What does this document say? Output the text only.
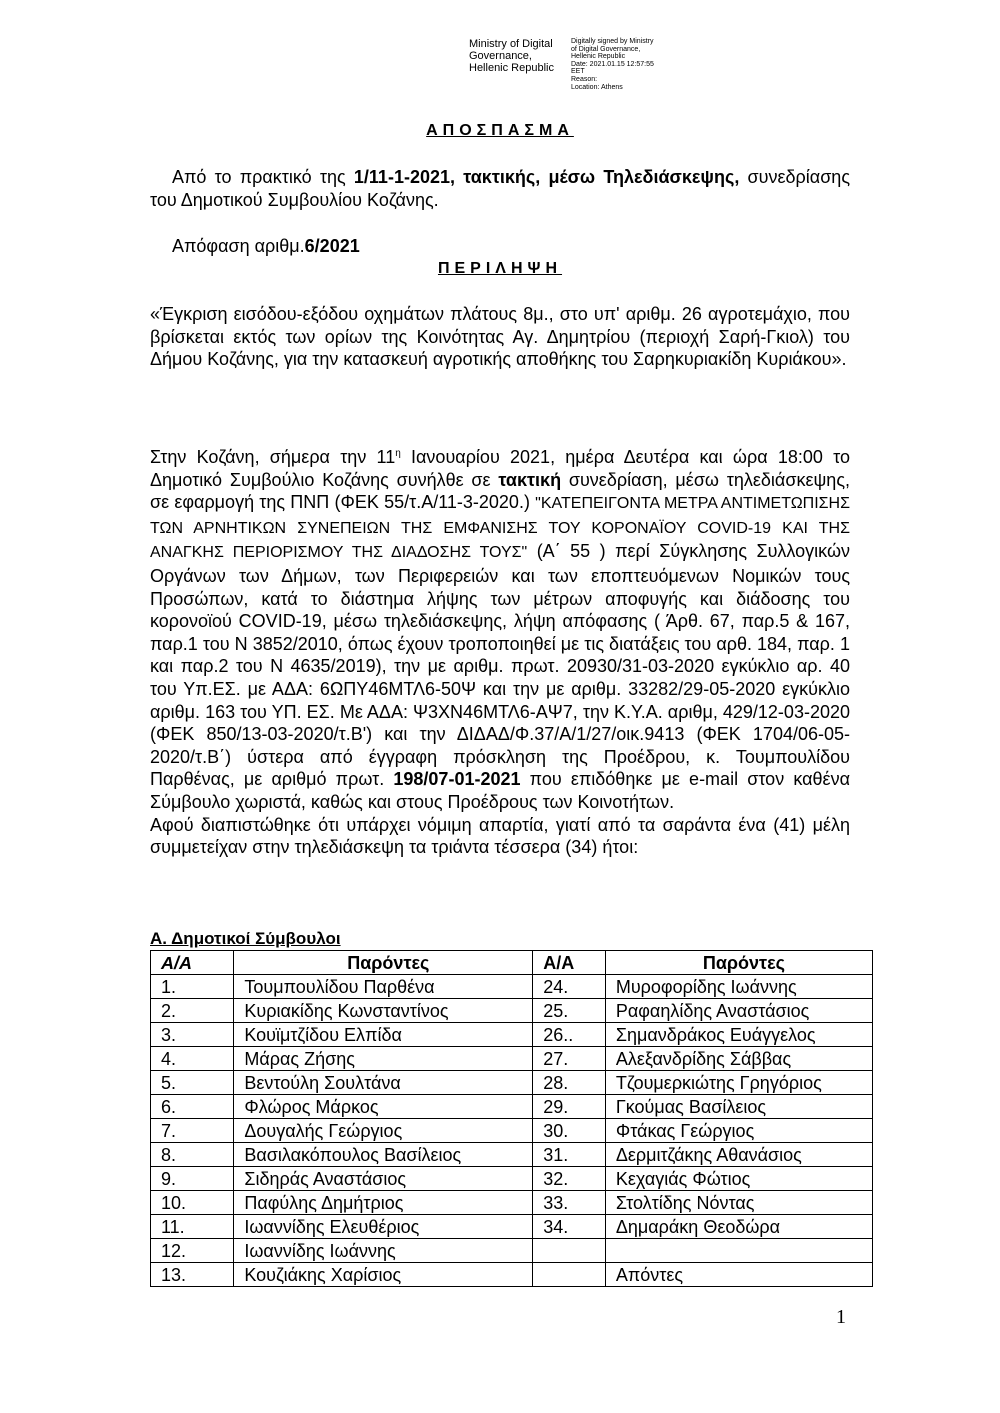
Ministry of Digital
Governance,
Hellenic Republic
Digitally signed by Ministry
of Digital Governance,
Hellenic Republic
Date: 2021.01.15 12:57:55
EET
Reason:
Location: Athens
ΑΠΟΣΠΑΣΜΑ
Από το πρακτικό της 1/11-1-2021, τακτικής, μέσω Τηλεδιάσκεψης, συνεδρίασης του Δημοτικού Συμβουλίου Κοζάνης.
Απόφαση αριθμ.6/2021
ΠΕΡΙΛΗΨΗ
«Έγκριση εισόδου-εξόδου οχημάτων πλάτους 8μ., στο υπ' αριθμ. 26 αγροτεμάχιο, που βρίσκεται εκτός των ορίων της Κοινότητας Αγ. Δημητρίου (περιοχή Σαρή-Γκιολ) του Δήμου Κοζάνης, για την κατασκευή αγροτικής αποθήκης του Σαρηκυριακίδη Κυριάκου».
Στην Κοζάνη, σήμερα την $11^\eta$ Ιανουαρίου 2021, ημέρα Δευτέρα και ώρα 18:00 το Δημοτικό Συμβούλιο Κοζάνης συνήλθε σε τακτική συνεδρίαση, μέσω τηλεδιάσκεψης, σε εφαρμογή της ΠΝΠ (ΦΕΚ 55/τ.Α/11-3-2020.) "ΚΑΤΕΠΕΙΓΟΝΤΑ ΜΕΤΡΑ ΑΝΤΙΜΕΤΩΠΙΣΗΣ ΤΩΝ ΑΡΝΗΤΙΚΩΝ ΣΥΝΕΠΕΙΩΝ ΤΗΣ ΕΜΦΑΝΙΣΗΣ ΤΟΥ ΚΟΡΟΝΑΪΟΥ COVID-19 ΚΑΙ ΤΗΣ ΑΝΑΓΚΗΣ ΠΕΡΙΟΡΙΣΜΟΥ ΤΗΣ ΔΙΑΔΟΣΗΣ ΤΟΥΣ" (Α΄ 55 ) περί Σύγκλησης Συλλογικών Οργάνων των Δήμων, των Περιφερειών και των εποπτευόμενων Νομικών τους Προσώπων, κατά το διάστημα λήψης των μέτρων αποφυγής και διάδοσης του κορονοϊού COVID-19, μέσω τηλεδιάσκεψης, λήψη απόφασης ( Άρθ. 67, παρ.5 & 167, παρ.1 του Ν 3852/2010, όπως έχουν τροποποιηθεί με τις διατάξεις του αρθ. 184, παρ. 1 και παρ.2 του Ν 4635/2019), την με αριθμ. πρωτ. 20930/31-03-2020 εγκύκλιο αρ. 40 του Υπ.ΕΣ. με ΑΔΑ: 6ΩΠΥ46ΜΤΛ6-50Ψ και την με αριθμ. 33282/29-05-2020 εγκύκλιο αριθμ. 163 του ΥΠ. ΕΣ. Με ΑΔΑ: Ψ3ΧΝ46ΜΤΛ6-ΑΨ7, την Κ.Υ.Α. αριθμ, 429/12-03-2020 (ΦΕΚ 850/13-03-2020/τ.Β') και την ΔΙΔΑΔ/Φ.37/Α/1/27/οικ.9413 (ΦΕΚ 1704/06-05-2020/τ.Β΄) ύστερα από έγγραφη πρόσκληση της Προέδρου, κ. Τουμπουλίδου Παρθένας, με αριθμό πρωτ. 198/07-01-2021 που επιδόθηκε με e-mail στον καθένα Σύμβουλο χωριστά, καθώς και στους Προέδρους των Κοινοτήτων.
Αφού διαπιστώθηκε ότι υπάρχει νόμιμη απαρτία, γιατί από τα σαράντα ένα (41) μέλη συμμετείχαν στην τηλεδιάσκεψη τα τριάντα τέσσερα (34) ήτοι:
Α. Δημοτικοί Σύμβουλοι
Α/Α	Παρόντες	Α/Α	Παρόντες
1.	Τουμπουλίδου Παρθένα	24.	Μυροφορίδης Ιωάννης
2.	Κυριακίδης Κωνσταντίνος	25.	Ραφαηλίδης Αναστάσιος
3.	Κουϊμτζίδου Ελπίδα	26..	Σημανδράκος Ευάγγελος
4.	Μάρας Ζήσης	27.	Αλεξανδρίδης Σάββας
5.	Βεντούλη Σουλτάνα	28.	Τζουμερκιώτης Γρηγόριος
6.	Φλώρος Μάρκος	29.	Γκούμας Βασίλειος
7.	Δουγαλής Γεώργιος	30.	Φτάκας Γεώργιος
8.	Βασιλακόπουλος Βασίλειος	31.	Δερμιτζάκης Αθανάσιος
9.	Σιδηράς Αναστάσιος	32.	Κεχαγιάς Φώτιος
10.	Παφύλης Δημήτριος	33.	Στολτίδης Νόντας
11.	Ιωαννίδης Ελευθέριος	34.	Δημαράκη Θεοδώρα
12.	Ιωαννίδης Ιωάννης		
13.	Κουζιάκης Χαρίσιος		Απόντες
1
